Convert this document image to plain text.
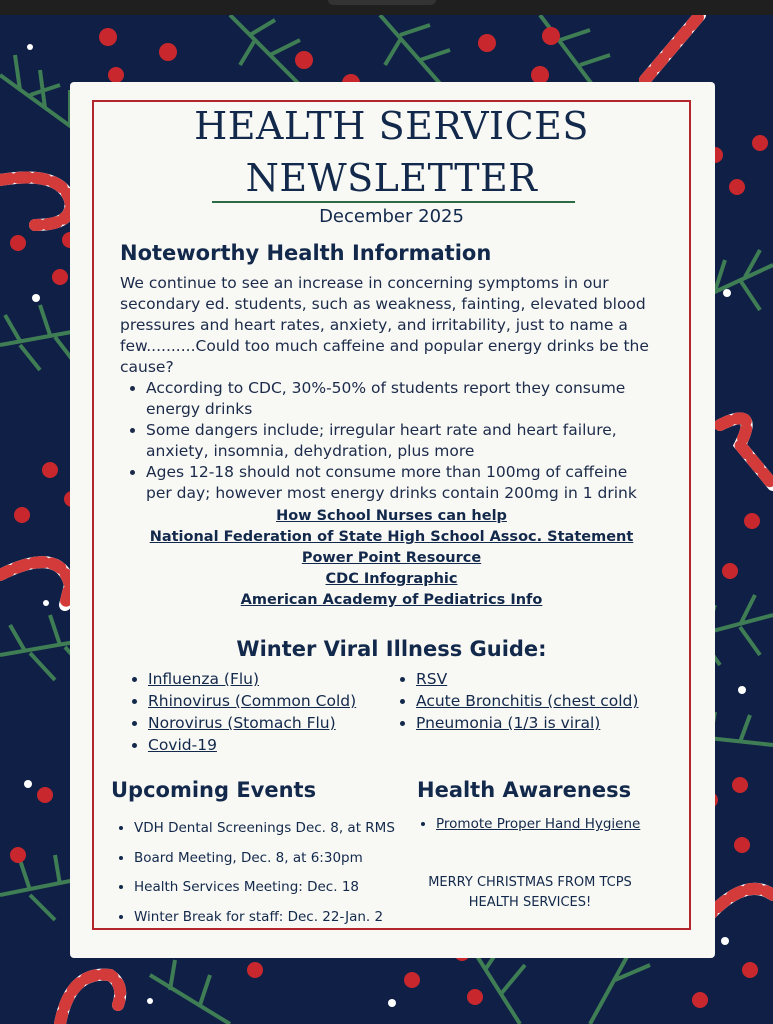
HEALTH SERVICES
NEWSLETTER
December 2025
Noteworthy Health Information

We continue to see an increase in concerning symptoms in our secondary ed. students, such as weakness, fainting, elevated blood pressures and heart rates, anxiety, and irritability, just to name a few..........Could too much caffeine and popular energy drinks be the cause?

• According to CDC, 30%-50% of students report they consume energy drinks
• Some dangers include; irregular heart rate and heart failure, anxiety, insomnia, dehydration, plus more
• Ages 12-18 should not consume more than 100mg of caffeine per day; however most energy drinks contain 200mg in 1 drink
How School Nurses can help
National Federation of State High School Assoc. Statement
Power Point Resource
CDC Infographic
American Academy of Pediatrics Info
Winter Viral Illness Guide:
• Influenza (Flu)
• Rhinovirus (Common Cold)
• Norovirus (Stomach Flu)
• Covid-19
• RSV
• Acute Bronchitis (chest cold)
• Pneumonia (1/3 is viral)
Upcoming Events
• VDH Dental Screenings Dec. 8, at RMS
• Board Meeting, Dec. 8, at 6:30pm
• Health Services Meeting: Dec. 18
• Winter Break for staff: Dec. 22-Jan. 2
Health Awareness
• Promote Proper Hand Hygiene
MERRY CHRISTMAS FROM TCPS HEALTH SERVICES!
